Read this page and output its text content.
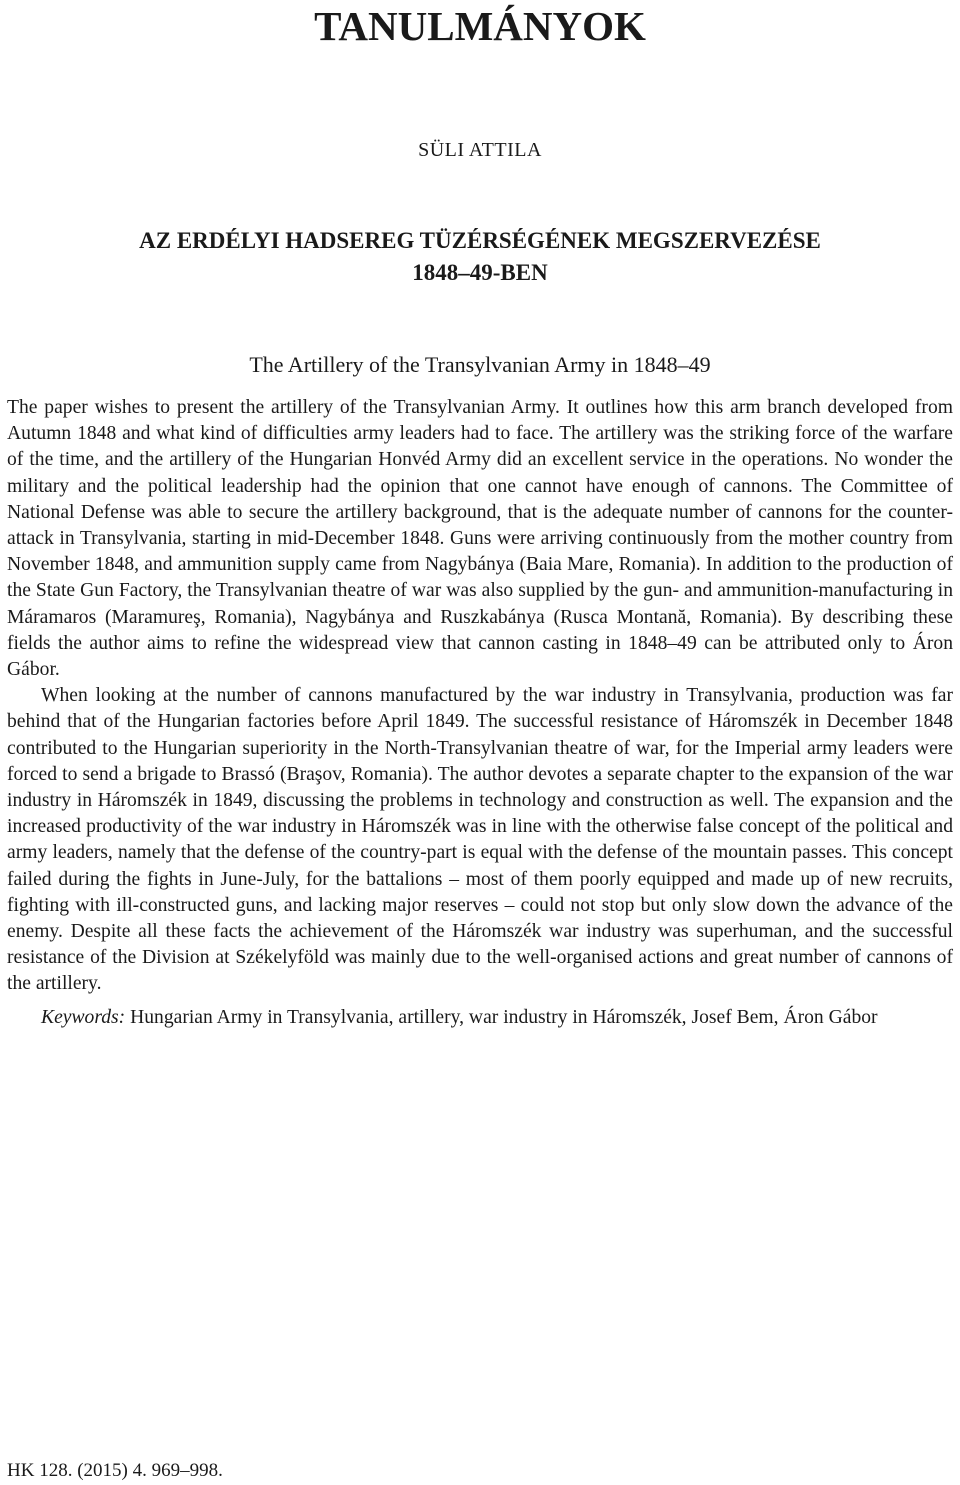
TANULMÁNYOK
SÜLI ATTILA
AZ ERDÉLYI HADSEREG TÜZÉRSÉGÉNEK MEGSZERVEZÉSE
1848–49-BEN
The Artillery of the Transylvanian Army in 1848–49

The paper wishes to present the artillery of the Transylvanian Army. It outlines how this arm branch developed from Autumn 1848 and what kind of difficulties army leaders had to face. The artillery was the striking force of the warfare of the time, and the artillery of the Hungarian Honvéd Army did an excellent service in the operations. No wonder the military and the political leadership had the opinion that one cannot have enough of cannons. The Committee of National Defense was able to secure the artillery background, that is the adequate number of cannons for the counter-attack in Transylvania, starting in mid-December 1848. Guns were arriving continuously from the mother country from November 1848, and ammunition supply came from Nagybánya (Baia Mare, Romania). In addition to the production of the State Gun Factory, the Transylvanian theatre of war was also supplied by the gun- and ammunition-manufacturing in Máramaros (Maramureş, Romania), Nagybánya and Ruszkabánya (Rusca Montană, Romania). By describing these fields the author aims to refine the widespread view that cannon casting in 1848–49 can be attributed only to Áron Gábor.

When looking at the number of cannons manufactured by the war industry in Transylvania, production was far behind that of the Hungarian factories before April 1849. The successful resistance of Háromszék in December 1848 contributed to the Hungarian superiority in the North-Transylvanian theatre of war, for the Imperial army leaders were forced to send a brigade to Brassó (Braşov, Romania). The author devotes a separate chapter to the expansion of the war industry in Háromszék in 1849, discussing the problems in technology and construction as well. The expansion and the increased productivity of the war industry in Háromszék was in line with the otherwise false concept of the political and army leaders, namely that the defense of the country-part is equal with the defense of the mountain passes. This concept failed during the fights in June-July, for the battalions – most of them poorly equipped and made up of new recruits, fighting with ill-constructed guns, and lacking major reserves – could not stop but only slow down the advance of the enemy. Despite all these facts the achievement of the Háromszék war industry was superhuman, and the successful resistance of the Division at Székelyföld was mainly due to the well-organised actions and great number of cannons of the artillery.

Keywords: Hungarian Army in Transylvania, artillery, war industry in Háromszék, Josef Bem, Áron Gábor

HK 128. (2015) 4. 969–998.
